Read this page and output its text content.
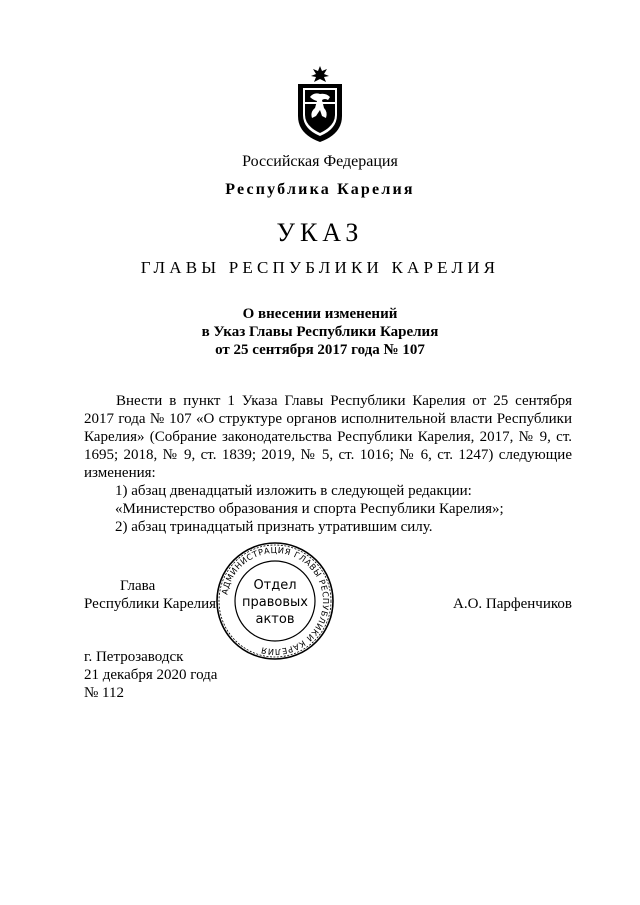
Российская Федерация
Республика Карелия
УКАЗ
ГЛАВЫ РЕСПУБЛИКИ КАРЕЛИЯ
О внесении изменений
в Указ Главы Республики Карелия
от 25 сентября 2017 года № 107
Внести в пункт 1 Указа Главы Республики Карелия от 25 сентября
2017 года № 107 «О структуре органов исполнительной власти Республики
Карелия» (Собрание законодательства Республики Карелия, 2017, № 9, ст.
1695; 2018, № 9, ст. 1839; 2019, № 5, ст. 1016; № 6, ст. 1247) следующие
изменения:
1) абзац двенадцатый изложить в следующей редакции:
«Министерство образования и спорта Республики Карелия»;
2) абзац тринадцатый признать утратившим силу.
Глава
Республики Карелия	А.О. Парфенчиков
АДМИНИСТРАЦИЯ ГЛАВЫ РЕСПУБЛИКИ КАРЕЛИЯ
Отдел
правовых
актов
г. Петрозаводск
21 декабря 2020 года
№ 112
